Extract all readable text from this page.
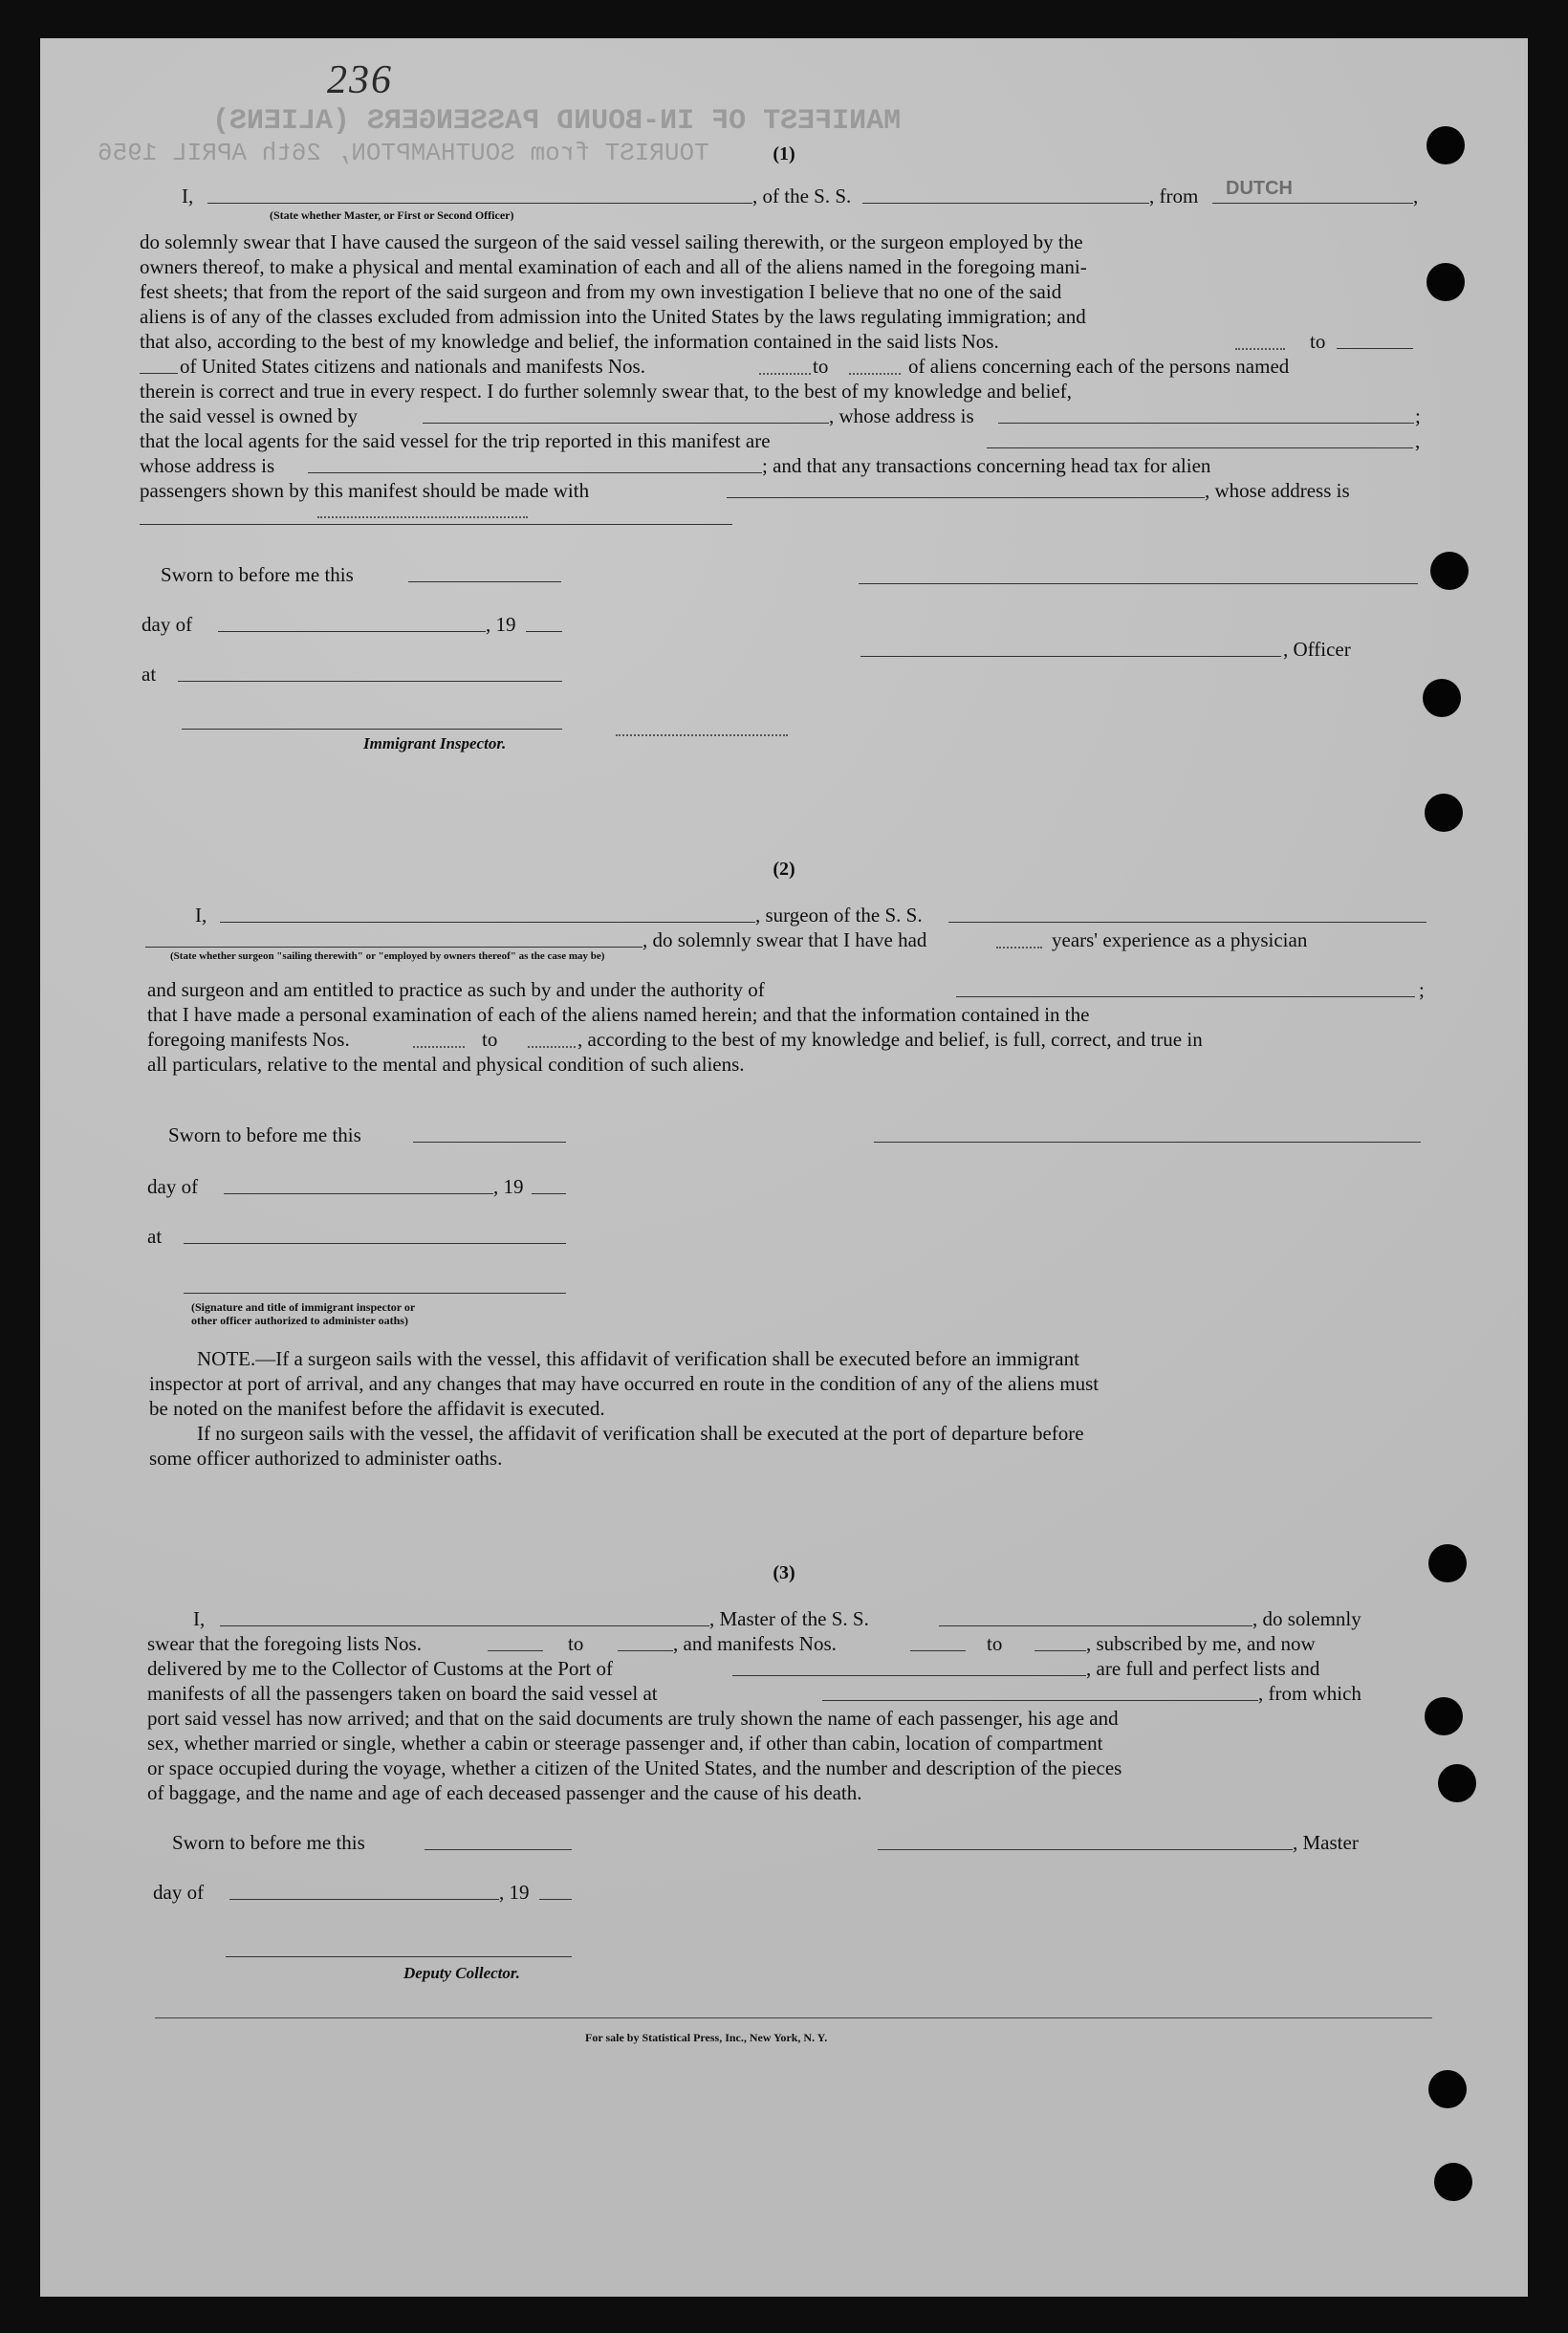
236
MANIFEST OF IN-BOUND PASSENGERS (ALIENS)
TOURIST from SOUTHAMPTON, 26th APRIL 1956	(1)
I,	, of the S. S.	, from DUTCH	,
(State whether Master, or First or Second Officer)
do solemnly swear that I have caused the surgeon of the said vessel sailing therewith, or the surgeon employed by the
owners thereof, to make a physical and mental examination of each and all of the aliens named in the foregoing mani-
fest sheets; that from the report of the said surgeon and from my own investigation I believe that no one of the said
aliens is of any of the classes excluded from admission into the United States by the laws regulating immigration; and
that also, according to the best of my knowledge and belief, the information contained in the said lists Nos.	to
of United States citizens and nationals and manifests Nos.	to	of aliens concerning each of the persons named
therein is correct and true in every respect. I do further solemnly swear that, to the best of my knowledge and belief,
the said vessel is owned by	, whose address is	;
that the local agents for the said vessel for the trip reported in this manifest are	,
whose address is	; and that any transactions concerning head tax for alien
passengers shown by this manifest should be made with	, whose address is
Sworn to before me this
day of	, 19
at
Immigrant Inspector.
, Officer
(2)
I,	, surgeon of the S. S.
, do solemnly swear that I have had	years' experience as a physician
(State whether surgeon "sailing therewith" or "employed by owners thereof" as the case may be)
and surgeon and am entitled to practice as such by and under the authority of	;
that I have made a personal examination of each of the aliens named herein; and that the information contained in the
foregoing manifests Nos.	to	, according to the best of my knowledge and belief, is full, correct, and true in
all particulars, relative to the mental and physical condition of such aliens.
Sworn to before me this
day of	, 19
at
(Signature and title of immigrant inspector or
other officer authorized to administer oaths)
NOTE.—If a surgeon sails with the vessel, this affidavit of verification shall be executed before an immigrant
inspector at port of arrival, and any changes that may have occurred en route in the condition of any of the aliens must
be noted on the manifest before the affidavit is executed.
If no surgeon sails with the vessel, the affidavit of verification shall be executed at the port of departure before
some officer authorized to administer oaths.
(3)
I,	, Master of the S. S.	, do solemnly
swear that the foregoing lists Nos.	to	, and manifests Nos.	to	, subscribed by me, and now
delivered by me to the Collector of Customs at the Port of	, are full and perfect lists and
manifests of all the passengers taken on board the said vessel at	, from which
port said vessel has now arrived; and that on the said documents are truly shown the name of each passenger, his age and
sex, whether married or single, whether a cabin or steerage passenger and, if other than cabin, location of compartment
or space occupied during the voyage, whether a citizen of the United States, and the number and description of the pieces
of baggage, and the name and age of each deceased passenger and the cause of his death.
Sworn to before me this	, Master
day of	, 19
Deputy Collector.
For sale by Statistical Press, Inc., New York, N. Y.
